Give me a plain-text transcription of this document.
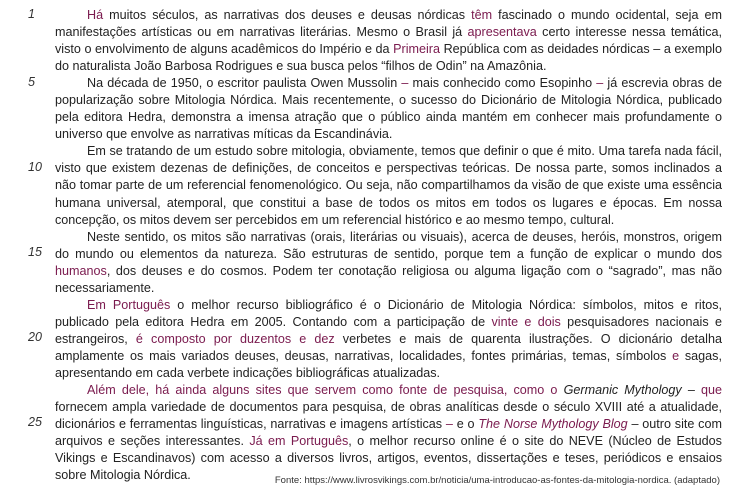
1
5
10
15
20
25

Há muitos séculos, as narrativas dos deuses e deusas nórdicas têm fascinado o mundo ocidental, seja em manifestações artísticas ou em narrativas literárias. Mesmo o Brasil já apresentava certo interesse nessa temática, visto o envolvimento de alguns acadêmicos do Império e da Primeira República com as deidades nórdicas – a exemplo do naturalista João Barbosa Rodrigues e sua busca pelos “filhos de Odin” na Amazônia.

Na década de 1950, o escritor paulista Owen Mussolin – mais conhecido como Esopinho – já escrevia obras de popularização sobre Mitologia Nórdica. Mais recentemente, o sucesso do Dicionário de Mitologia Nórdica, publicado pela editora Hedra, demonstra a imensa atração que o público ainda mantém em conhecer mais profundamente o universo que envolve as narrativas míticas da Escandinávia.

Em se tratando de um estudo sobre mitologia, obviamente, temos que definir o que é mito. Uma tarefa nada fácil, visto que existem dezenas de definições, de conceitos e perspectivas teóricas. De nossa parte, somos inclinados a não tomar parte de um referencial fenomenológico. Ou seja, não compartilhamos da visão de que existe uma essência humana universal, atemporal, que constitui a base de todos os mitos em todos os lugares e épocas. Em nossa concepção, os mitos devem ser percebidos em um referencial histórico e ao mesmo tempo, cultural.

Neste sentido, os mitos são narrativas (orais, literárias ou visuais), acerca de deuses, heróis, monstros, origem do mundo ou elementos da natureza. São estruturas de sentido, porque tem a função de explicar o mundo dos humanos, dos deuses e do cosmos. Podem ter conotação religiosa ou alguma ligação com o “sagrado”, mas não necessariamente.

Em Português o melhor recurso bibliográfico é o Dicionário de Mitologia Nórdica: símbolos, mitos e ritos, publicado pela editora Hedra em 2005. Contando com a participação de vinte e dois pesquisadores nacionais e estrangeiros, é composto por duzentos e dez verbetes e mais de quarenta ilustrações. O dicionário detalha amplamente os mais variados deuses, deusas, narrativas, localidades, fontes primárias, temas, símbolos e sagas, apresentando em cada verbete indicações bibliográficas atualizadas.

Além dele, há ainda alguns sites que servem como fonte de pesquisa, como o Germanic Mythology – que fornecem ampla variedade de documentos para pesquisa, de obras analíticas desde o século XVIII até a atualidade, dicionários e ferramentas linguísticas, narrativas e imagens artísticas – e o The Norse Mythology Blog – outro site com arquivos e seções interessantes. Já em Português, o melhor recurso online é o site do NEVE (Núcleo de Estudos Vikings e Escandinavos) com acesso a diversos livros, artigos, eventos, dissertações e teses, periódicos e ensaios sobre Mitologia Nórdica.	Fonte: https://www.livrosvikings.com.br/noticia/uma-introducao-as-fontes-da-mitologia-nordica. (adaptado)
